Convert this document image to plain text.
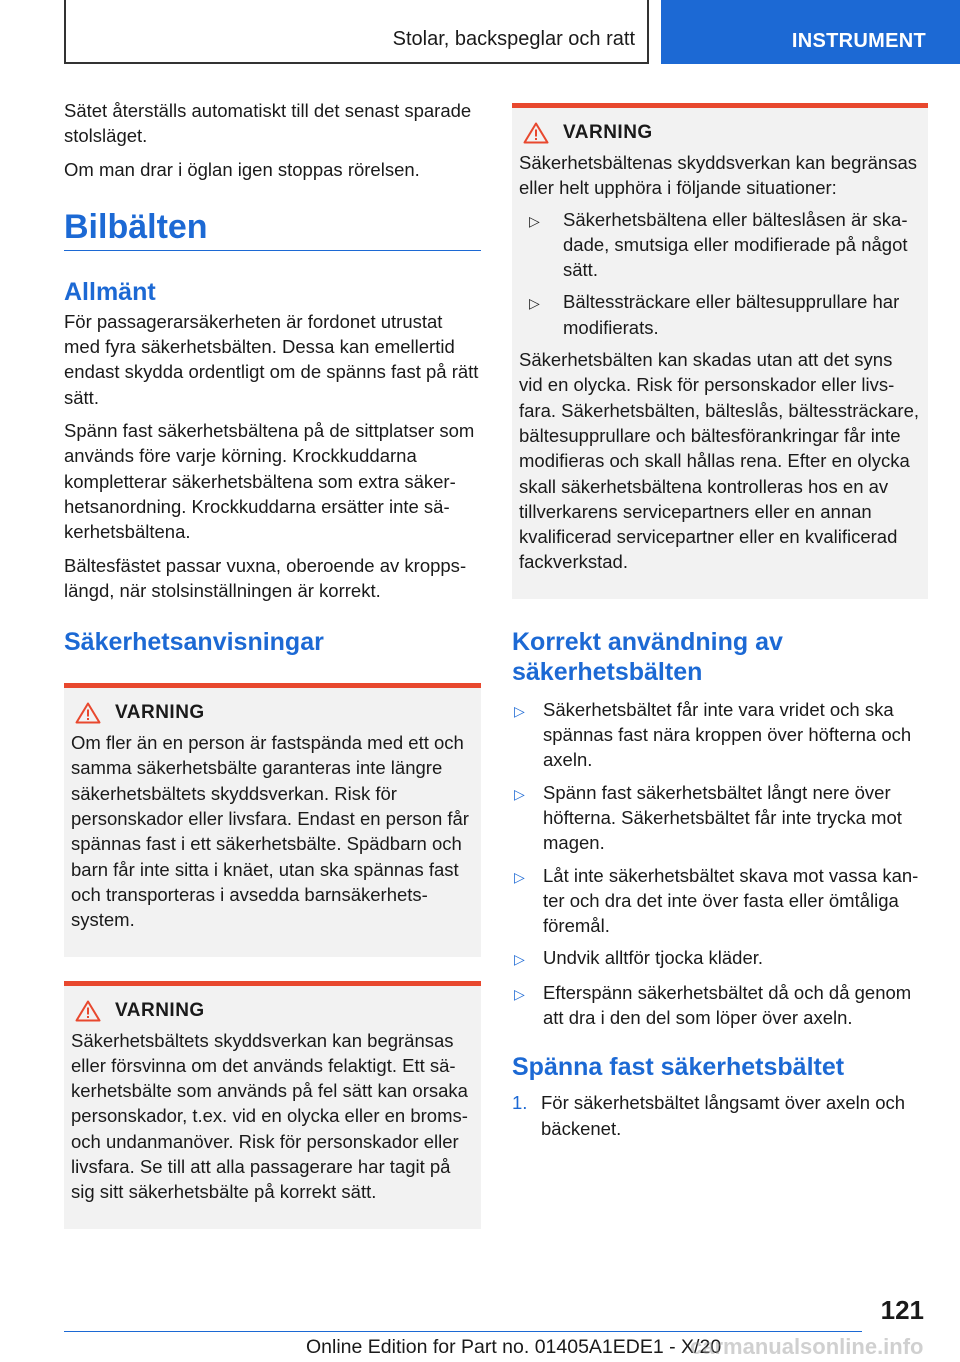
Stolar, backspeglar och ratt	INSTRUMENT

Sätet återställs automatiskt till det senast sparade stolsläget.

Om man drar i öglan igen stoppas rörelsen.

Bilbälten
Allmänt

För passagerarsäkerheten är fordonet utrustat med fyra säkerhetsbälten. Dessa kan emellertid endast skydda ordentligt om de spänns fast på rätt sätt.

Spänn fast säkerhetsbältena på de sittplatser som används före varje körning. Krockkuddarna kompletterar säkerhetsbältena som extra säkerhetsanordning. Krockkuddarna ersätter inte säkerhetsbältena.

Bältesfästet passar vuxna, oberoende av kroppslängd, när stolsinställningen är korrekt.

Säkerhetsanvisningar
VARNING

Om fler än en person är fastspända med ett och samma säkerhetsbälte garanteras inte längre säkerhetsbältets skyddsverkan. Risk för personskador eller livsfara. Endast en person får spännas fast i ett säkerhetsbälte. Spädbarn och barn får inte sitta i knäet, utan ska spännas fast och transporteras i avsedda barnsäkerhetssystem.

VARNING

Säkerhetsbältets skyddsverkan kan begränsas eller försvinna om det används felaktigt. Ett säkerhetsbälte som används på fel sätt kan orsaka personskador, t.ex. vid en olycka eller en broms- och undanmanöver. Risk för personskador eller livsfara. Se till att alla passagerare har tagit på sig sitt säkerhetsbälte på korrekt sätt.

VARNING

Säkerhetsbältenas skyddsverkan kan begränsas eller helt upphöra i följande situationer:

▷	Säkerhetsbältena eller bälteslåsen är skadade, smutsiga eller modifierade på något sätt.
▷	Bältessträckare eller bältesupprullare har modifierats.

Säkerhetsbälten kan skadas utan att det syns vid en olycka. Risk för personskador eller livsfara. Säkerhetsbälten, bälteslås, bältessträckare, bältesupprullare och bältesförankringar får inte modifieras och skall hållas rena. Efter en olycka skall säkerhetsbältena kontrolleras hos en av tillverkarens servicepartners eller en annan kvalificerad servicepartner eller en kvalificerad fackverkstad.

Korrekt användning av säkerhetsbälten
▷ Säkerhetsbältet får inte vara vridet och ska spännas fast nära kroppen över höfterna och axeln.
▷ Spänn fast säkerhetsbältet långt nere över höfterna. Säkerhetsbältet får inte trycka mot magen.
▷ Låt inte säkerhetsbältet skava mot vassa kanter och dra det inte över fasta eller ömtåliga föremål.
▷ Undvik alltför tjocka kläder.
▷ Efterspänn säkerhetsbältet då och då genom att dra i den del som löper över axeln.
Spänna fast säkerhetsbältet
1. För säkerhetsbältet långsamt över axeln och bäckenet.
121
Online Edition for Part no. 01405A1EDE1 - X/20
carmanualsonline.info
